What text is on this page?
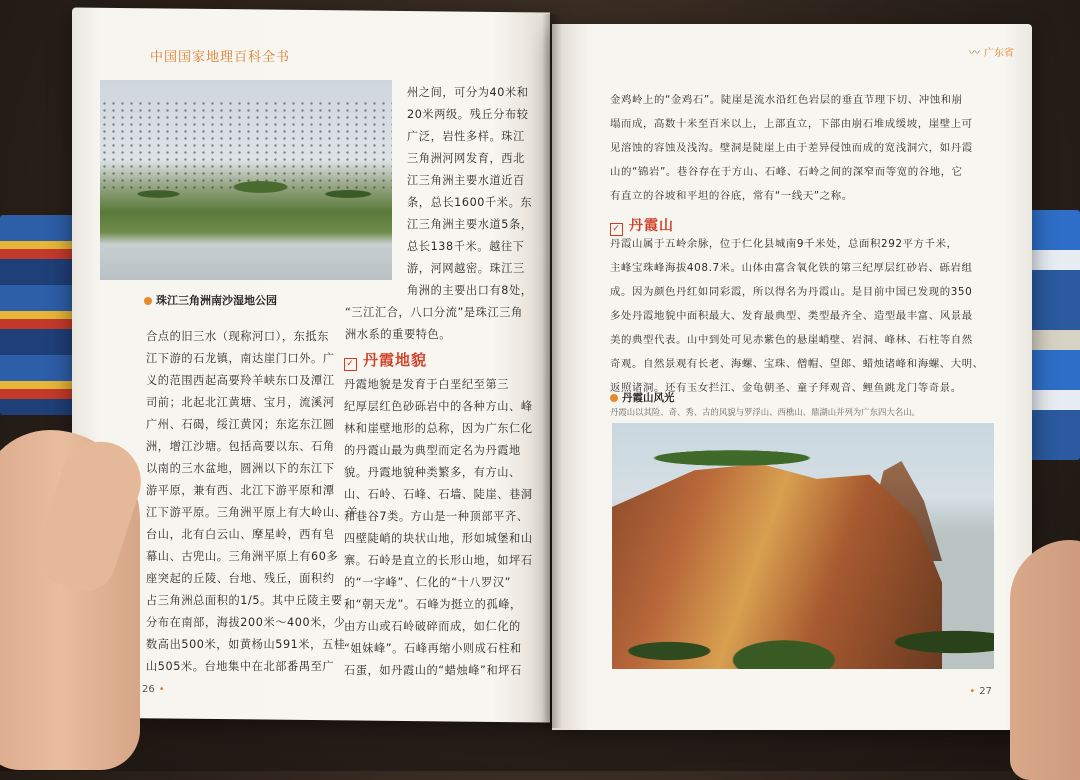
中国国家地理百科全书
珠江三角洲南沙湿地公园

州之间，可分为40米和

20米两级。残丘分布较

广泛，岩性多样。珠江

三角洲河网发育，西北

江三角洲主要水道近百

条，总长1600千米。东

江三角洲主要水道5条，

总长138千米。越往下

游，河网越密。珠江三

角洲的主要出口有8处，

“三江汇合，八口分流”是珠江三角

洲水系的重要特色。

合点的旧三水（现称河口），东抵东

江下游的石龙镇，南达崖门口外。广

义的范围西起高要羚羊峡东口及潭江

司前；北起北江黄塘、宝月，流溪河

广州、石碣，绥江黄冈；东迄东江圆

洲，增江沙塘。包括高要以东、石角

以南的三水盆地，圆洲以下的东江下

游平原，兼有西、北江下游平原和潭

江下游平原。三角洲平原上有大岭山、羊

台山，北有白云山、摩星岭，西有皂

幕山、古兜山。三角洲平原上有60多

座突起的丘陵、台地、残丘，面积约

占三角洲总面积的1/5。其中丘陵主要

分布在南部，海拔200米～400米，少

数高出500米，如黄杨山591米，五桂

山505米。台地集中在北部番禺至广

✓ 丹霞地貌

丹霞地貌是发育于白垩纪至第三

纪厚层红色砂砾岩中的各种方山、峰

林和崖壁地形的总称，因为广东仁化

的丹霞山最为典型而定名为丹霞地

貌。丹霞地貌种类繁多，有方山、

山、石岭、石峰、石墙、陡崖、巷洞

和巷谷7类。方山是一种顶部平齐、

四壁陡峭的块状山地，形如城堡和山

寨。石岭是直立的长形山地，如坪石

的“一字峰”、仁化的“十八罗汉”

和“朝天龙”。石峰为挺立的孤峰，

由方山或石岭破碎而成，如仁化的

“姐妹峰”。石峰再缩小则成石柱和

石蛋，如丹霞山的“蜡烛峰”和坪石

26 •
〰 广东省

金鸡岭上的“金鸡石”。陡崖是流水沿红色岩层的垂直节理下切、冲蚀和崩

塌而成，高数十米至百米以上，上部直立，下部由崩石堆成缓坡，崖壁上可

见溶蚀的容蚀及浅沟。壁洞是陡崖上由于差异侵蚀而成的宽浅洞穴，如丹霞

山的“锦岩”。巷谷存在于方山、石峰、石岭之间的深窄而等宽的谷地，它

有直立的谷坡和平坦的谷底，常有“一线天”之称。

✓ 丹霞山

丹霞山属于五岭余脉，位于仁化县城南9千米处，总面积292平方千米，

主峰宝珠峰海拔408.7米。山体由富含氧化铁的第三纪厚层红砂岩、砾岩组

成。因为颜色丹红如同彩霞，所以得名为丹霞山。是目前中国已发现的350

多处丹霞地貌中面积最大、发育最典型、类型最齐全、造型最丰富、风景最

美的典型代表。山中到处可见赤紫色的悬崖峭壁、岩洞、峰林、石柱等自然

奇观。自然景观有长老、海螺、宝珠、僧帽、望郎、蜡烛诸峰和海螺、大明、

返照诸洞。还有玉女拦江、金龟朝圣、童子拜观音、鲤鱼跳龙门等奇景。

丹霞山风光
丹霞山以其险、奇、秀、古的风貌与罗浮山、西樵山、鼎湖山并列为广东四大名山。
• 27
